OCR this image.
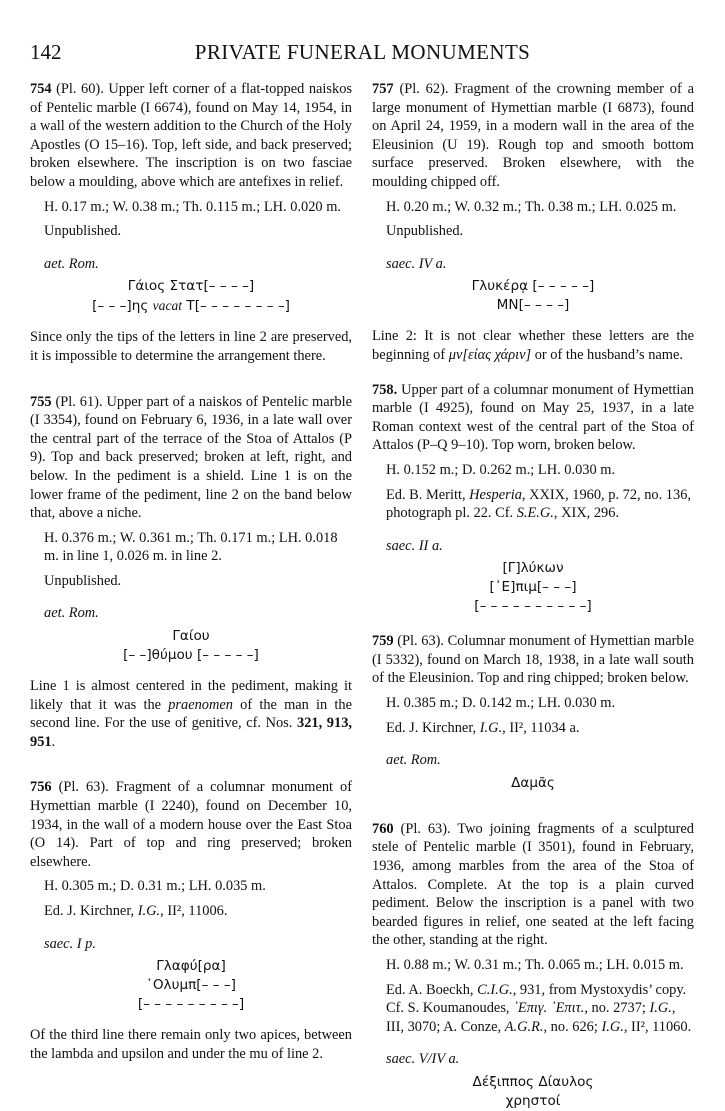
142	PRIVATE FUNERAL MONUMENTS

754 (Pl. 60). Upper left corner of a flat-topped naiskos of Pentelic marble (I 6674), found on May 14, 1954, in a wall of the western addition to the Church of the Holy Apostles (O 15–16). Top, left side, and back preserved; broken elsewhere. The inscription is on two fasciae below a moulding, above which are antefixes in relief.

H. 0.17 m.; W. 0.38 m.; Th. 0.115 m.; LH. 0.020 m.

Unpublished.

aet. Rom.

Γάιος Στατ[– – – –]
[– – –]ης vacat Τ[– – – – – – – –]

Since only the tips of the letters in line 2 are preserved, it is impossible to determine the arrangement there.

755 (Pl. 61). Upper part of a naiskos of Pentelic marble (I 3354), found on February 6, 1936, in a late wall over the central part of the terrace of the Stoa of Attalos (P 9). Top and back preserved; broken at left, right, and below. In the pediment is a shield. Line 1 is on the lower frame of the pediment, line 2 on the band below that, above a niche.

H. 0.376 m.; W. 0.361 m.; Th. 0.171 m.; LH. 0.018 m. in line 1, 0.026 m. in line 2.

Unpublished.

aet. Rom.

Γαίου
[– –]θύμου [– – – – –]

Line 1 is almost centered in the pediment, making it likely that it was the praenomen of the man in the second line. For the use of genitive, cf. Nos. 321, 913, 951.

756 (Pl. 63). Fragment of a columnar monument of Hymettian marble (I 2240), found on December 10, 1934, in the wall of a modern house over the East Stoa (O 14). Part of top and ring preserved; broken elsewhere.

H. 0.305 m.; D. 0.31 m.; LH. 0.035 m.

Ed. J. Kirchner, I.G., II², 11006.

saec. I p.

Γλαφύ[ρα]
᾽Ολυμπ[– – –]
[– – – – – – – – –]

Of the third line there remain only two apices, between the lambda and upsilon and under the mu of line 2.

757 (Pl. 62). Fragment of the crowning member of a large monument of Hymettian marble (I 6873), found on April 24, 1959, in a modern wall in the area of the Eleusinion (U 19). Rough top and smooth bottom surface preserved. Broken elsewhere, with the moulding chipped off.

H. 0.20 m.; W. 0.32 m.; Th. 0.38 m.; LH. 0.025 m.

Unpublished.

saec. IV a.

Γλυκέρᾳ [– – – – –]
ΜΝ[– – – –]

Line 2: It is not clear whether these letters are the beginning of μν[είας χάριν] or of the husband’s name.

758. Upper part of a columnar monument of Hymettian marble (I 4925), found on May 25, 1937, in a late Roman context west of the central part of the Stoa of Attalos (P–Q 9–10). Top worn, broken below.

H. 0.152 m.; D. 0.262 m.; LH. 0.030 m.

Ed. B. Meritt, Hesperia, XXIX, 1960, p. 72, no. 136, photograph pl. 22. Cf. S.E.G., XIX, 296.

saec. II a.

[Γ]λύκων
[᾽Ε]πιμ[– – –]
[– – – – – – – – – –]

759 (Pl. 63). Columnar monument of Hymettian marble (I 5332), found on March 18, 1938, in a late wall south of the Eleusinion. Top and ring chipped; broken below.

H. 0.385 m.; D. 0.142 m.; LH. 0.030 m.

Ed. J. Kirchner, I.G., II², 11034 a.

aet. Rom.

Δαμᾶς

760 (Pl. 63). Two joining fragments of a sculptured stele of Pentelic marble (I 3501), found in February, 1936, among marbles from the area of the Stoa of Attalos. Complete. At the top is a plain curved pediment. Below the inscription is a panel with two bearded figures in relief, one seated at the left facing the other, standing at the right.

H. 0.88 m.; W. 0.31 m.; Th. 0.065 m.; LH. 0.015 m.

Ed. A. Boeckh, C.I.G., 931, from Mystoxydis’ copy. Cf. S. Koumanoudes, ᾽Επιγ. ᾽Επιτ., no. 2737; I.G., III, 3070; A. Conze, A.G.R., no. 626; I.G., II², 11060.

saec. V/IV a.

Δέξιππος Δίαυλος
χρηστοί
